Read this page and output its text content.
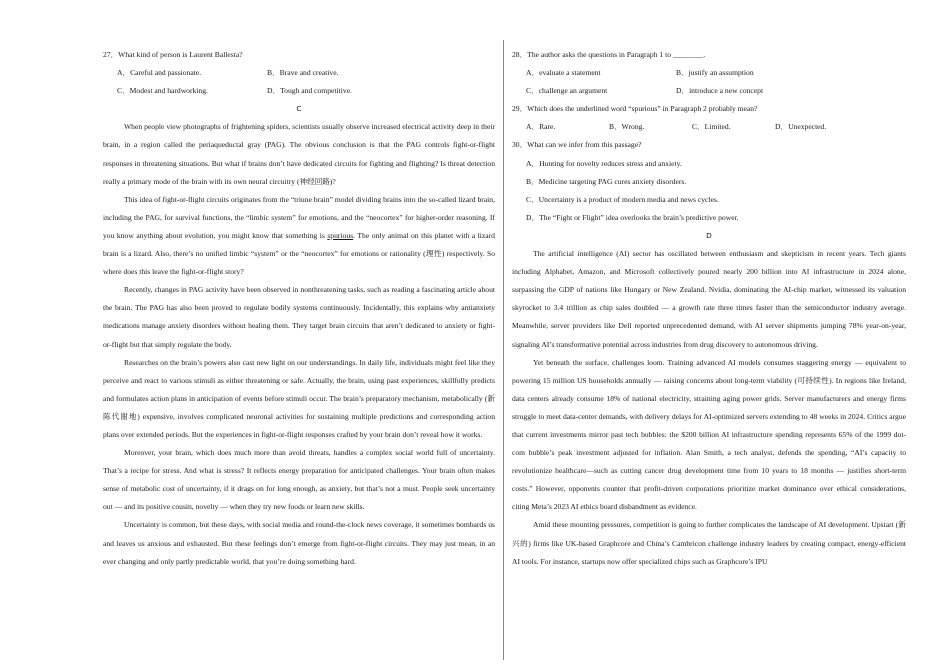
27．What kind of person is Laurent Ballesta?

A．Careful and passionate.	B．Brave and creative.
C．Modest and hardworking.	D．Tough and competitive.

C

When people view photographs of frightening spiders, scientists usually observe increased electrical activity deep in their brain, in a region called the periaqueductal gray (PAG). The obvious conclusion is that the PAG controls fight-or-flight responses in threatening situations. But what if brains don’t have dedicated circuits for fighting and flighting? Is threat detection really a primary mode of the brain with its own neural circuitry (神经回路)?

This idea of fight-or-flight circuits originates from the “triune brain” model dividing brains into the so-called lizard brain, including the PAG, for survival functions, the “limbic system” for emotions, and the “neocortex” for higher-order reasoning. If you know anything about evolution, you might know that something is spurious. The only animal on this planet with a lizard brain is a lizard. Also, there’s no unified limbic “system” or the “neocortex” for emotions or rationality (理性) respectively. So where does this leave the fight-or-flight story?

Recently, changes in PAG activity have been observed in nonthreatening tasks, such as reading a fascinating article about the brain. The PAG has also been proved to regulate bodily systems continuously. Incidentally, this explains why antianxiety medications manage anxiety disorders without healing them. They target brain circuits that aren’t dedicated to anxiety or fight-or-flight but that simply regulate the body.

Researches on the brain’s powers also cast new light on our understandings. In daily life, individuals might feel like they perceive and react to various stimuli as either threatening or safe. Actually, the brain, using past experiences, skillfully predicts and formulates action plans in anticipation of events before stimuli occur. The brain’s preparatory mechanism, metabolically (新陈代谢地) expensive, involves complicated neuronal activities for sustaining multiple predictions and corresponding action plans over extended periods. But the experiences in fight-or-flight responses crafted by your brain don’t reveal how it works.

Moreover, your brain, which does much more than avoid threats, handles a complex social world full of uncertainty. That’s a recipe for stress. And what is stress? It reflects energy preparation for anticipated challenges. Your brain often makes sense of metabolic cost of uncertainty, if it drags on for long enough, as anxiety, but that’s not a must. People seek uncertainty out — and its positive cousin, novelty — when they try new foods or learn new skills.

Uncertainty is common, but these days, with social media and round-the-clock news coverage, it sometimes bombards us and leaves us anxious and exhausted. But these feelings don’t emerge from fight-or-flight circuits. They may just mean, in an ever changing and only partly predictable world, that you’re doing something hard.

28．The author asks the questions in Paragraph 1 to ________.

A．evaluate a statement	B．justify an assumption
C．challenge an argument	D．introduce a new concept

29．Which does the underlined word “spurious” in Paragraph 2 probably mean?

A．Rare.	B．Wrong.	C．Limited.	D．Unexpected.

30．What can we infer from this passage?

A．Hunting for novelty reduces stress and anxiety.

B．Medicine targeting PAG cures anxiety disorders.

C．Uncertainty is a product of modern media and news cycles.

D．The “Fight or Flight” idea overlooks the brain’s predictive power.

D

The artificial intelligence (AI) sector has oscillated between enthusiasm and skepticism in recent years. Tech giants including Alphabet, Amazon, and Microsoft collectively poured nearly 200 billion into AI infrastructure in 2024 alone, surpassing the GDP of nations like Hungary or New Zealand. Nvidia, dominating the AI-chip market, witnessed its valuation skyrocket to 3.4 trillion as chip sales doubled — a growth rate three times faster than the semiconductor industry average. Meanwhile, server providers like Dell reported unprecedented demand, with AI server shipments jumping 78% year-on-year, signaling AI’s transformative potential across industries from drug discovery to autonomous driving.

Yet beneath the surface, challenges loom. Training advanced AI models consumes staggering energy — equivalent to powering 15 million US households annually — raising concerns about long-term viability (可持续性). In regions like Ireland, data centers already consume 18% of national electricity, straining aging power grids. Server manufacturers and energy firms struggle to meet data-center demands, with delivery delays for AI-optimized servers extending to 48 weeks in 2024. Critics argue that current investments mirror past tech bubbles: the $200 billion AI infrastructure spending represents 65% of the 1999 dot-com bubble’s peak investment adjusted for inflation. Alan Smith, a tech analyst, defends the spending, “AI’s capacity to revolutionize healthcare—such as cutting cancer drug development time from 10 years to 18 months — justifies short-term costs.” However, opponents counter that profit-driven corporations prioritize market dominance over ethical considerations, citing Meta’s 2023 AI ethics board disbandment as evidence.

Amid these mounting pressures, competition is going to further complicates the landscape of AI development. Upstart (新兴的) firms like UK-based Graphcore and China’s Cambricon challenge industry leaders by creating compact, energy-efficient AI tools. For instance, startups now offer specialized chips such as Graphcore’s IPU
